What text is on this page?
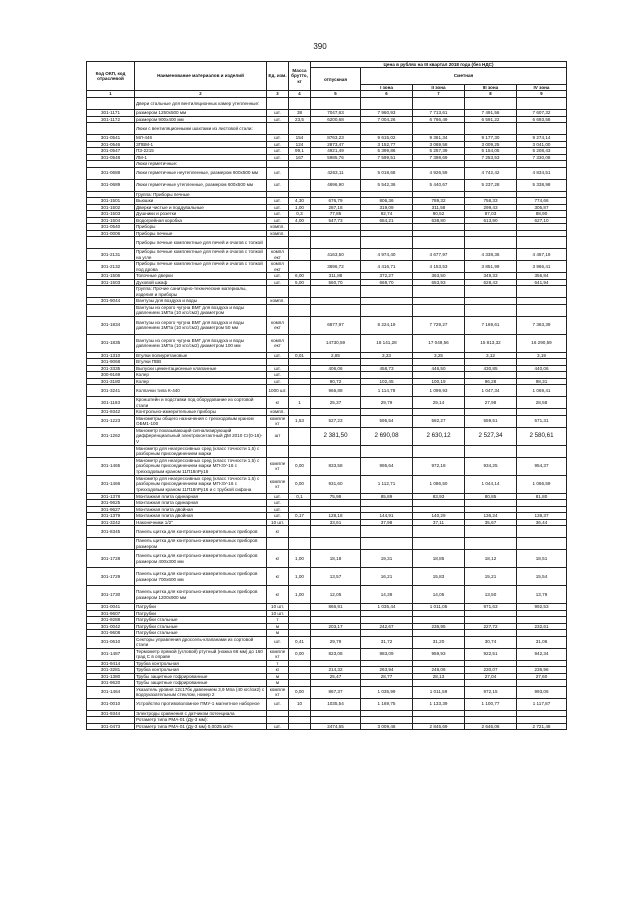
390
Код ОКП, код отраслевой	Наименование материалов и изделий	Ед. изм.	Масса брутто, кг	Цена в рублях на III квартал 2018 года (без НДС)				
				отпускная	Сметная			
					I зона	II зона	III зона	IV зона
1	2	3	4	5	6	7	8	9
	Двери стальные для вентиляционных камер утепленные:							
301-1171	размером 1250х500 мм	шт.	38	7047,63	7 960,93	7 713,61	7 491,56	7 607,32
301-1172	размером 900х400 мм	шт.	23,5	6200,68	7 004,26	6 786,49	6 591,22	6 693,58
	Люки с вентиляционными шахтами из листовой стали:							
301-0541	МЛ-446	шт.	154	8763,23	9 615,02	9 361,34	9 177,30	9 274,14
301-0546	ЗПВМ-1	шт.	124	2873,47	3 152,77	3 069,58	3 009,25	3 041,00
301-0547	ПЗ-2215	шт.	99,1	4921,49	5 399,86	5 257,39	5 154,05	5 208,43
301-0548	ЛМ-1	шт.	167	5985,76	7 599,51	7 398,69	7 253,53	7 330,08
	Люки герметичные:							
301-0688	Люки герметичные неутепленные, размером 600х500 мм	шт.		4263,11	5 018,68	4 926,59	4 742,42	4 834,51
301-0689	Люки герметичные утепленные, размером 600х500 мм	шт.		4696,90	5 542,36	5 440,67	5 237,28	5 338,98
	Группа: Приборы печные							
301-1501	Вьюшки	шт.	4,30	676,79	806,36	789,32	758,33	774,66
301-1502	Дверки чистые и поддувальные	шт.	1,00	287,18	319,09	311,58	299,43	305,87
301-1503	Душники и розетки	шт.	0,3	77,85	92,74	90,52	87,03	88,90
301-1504	Водогрейная коробка	шт.	4,00	547,73	654,21	638,80	613,90	627,10
301-0540	Приборы	компл.						
301-0006	Приборы печные	компл.						
	Приборы печные комплектные для печей и очагов с топкой							
301-2131	Приборы печные комплектные для печей и очагов с топкой на угле	компл ект		4163,50	4 974,40	4 677,97	4 338,36	4 467,19
301-2132	Приборы печные комплектные для печей и очагов с топкой под дрова	компл ект		3696,72	4 416,71	4 153,53	3 851,99	3 966,41
301-1506	Топочные дверки	шт.	6,00	311,88	372,27	363,50	349,33	356,84
301-1503	Духовой шкаф	шт.	5,00	560,70	669,70	653,93	628,43	641,94
	Группа: Прочие санитарно-технические материалы, изделия и приборы							
301-9044	Вантузы для воздуха и воды	компл.						
	Вантузы из серого чугуна ВМГ для воздуха и воды давлением 1МПа (10 кгс/см2) диаметром							
301-1834	Вантузы из серого чугуна ВМГ для воздуха и воды давлением 1МПа (10 кгс/см2) диаметром 50 мм	компл ект		6877,97	8 224,19	7 729,27	7 169,61	7 363,39
301-1835	Вантузы из серого чугуна ВМГ для воздуха и воды давлением 1МПа (10 кгс/см2) диаметром 100 мм	компл ект		14730,59	18 141,28	17 049,56	15 813,32	16 290,59
301-1310	Втулки полиуретановые	шт.	0,01	2,85	3,33	3,25	3,12	3,19
301-9068	Втулки ПВВ							
301-3335	Выпуски цементационные клапанные	шт.		406,06	458,73	446,50	430,85	440,06
300-9169	Колер	шт.						
301-3180	Колер	шт.		90,72	102,45	100,19	96,28	98,31
301-3241	Колпачки типа К-440	1000 шт.		966,88	1 114,78	1 099,93	1 047,34	1 069,41
301-1193	Кронштейн и подставки под оборудование из сортовой стали	кг	1	25,37	29,79	29,14	27,98	28,58
301-9342	Контрольно-измерительные приборы	компл.						
301-1223	Манометры общего назначения с трехходовым краном ОБМ1-100	компле кт	1,53	527,23	595,54	582,27	559,51	571,31
301-1262	Манометр показывающий сигнализирующий дифференциальный электроконтактный ДМ 2010 Сг(0-16)-V	шт		2 381,50	2 690,08	2 630,12	2 527,34	2 580,61
	Манометр для неагрессивных сред (класс точности 1,5) с разборным присоединением марки							
301-1465	Манометр для неагрессивных сред (класс точности 1,5) с разборным присоединением марки МП-3У-16 с трехходовым краном 11П18пРу16	компле кт	0,00	833,58	995,64	972,18	934,25	954,37
301-1466	Манометр для неагрессивных сред (класс точности 1,5) с разборным присоединением марки МП-3У-16 с трехходовым краном 11П18пРу16 и с трубкой сифона	компле кт	0,00	931,60	1 112,71	1 086,50	1 044,14	1 066,59
301-1378	Монтажная плита одинарная	шт.	0,1	75,98	85,89	83,93	80,85	81,80
301-9625	Монтажная плита одинарная	шт.						
301-9627	Монтажная плита двойная	шт.						
301-1379	Монтажная плита двойная	шт.	0,17	128,18	144,91	140,29	136,24	138,37
301-3242	Наконечники 1/2"	10 шт.		33,61	37,98	37,11	35,67	36,44
301-8345	Панель щитка для контрольно-измерительных приборов	кг						
	Панель щитка для контрольно-измерительных приборов размером							
301-1728	Панель щитка для контрольно-измерительных приборов размером 400х300 мм	кг	1,00	18,18	19,31	18,85	18,12	18,51
301-1729	Панель щитка для контрольно-измерительных приборов размером 700х600 мм	кг	1,00	13,57	16,21	15,83	15,21	15,54
301-1730	Панель щитка для контрольно-измерительных приборов размером 1200х900 мм	кг	1,00	12,05	14,39	14,05	13,50	13,79
301-0041	Патрубки	10 шт.		866,91	1 035,44	1 011,05	971,63	992,53
301-9607	Патрубки	10 шт.						
301-9288	Патрубки стальные	т						
301-0042	Патрубки стальные	м		203,17	242,67	236,95	227,72	232,61
301-9608	Патрубки стальные	м						
301-0610	Секторы управления дроссель-клапанами из сортовой стали	шт.	0,41	29,79	31,72	31,20	30,74	31,06
301-1487	Термометр прямой (угловой) ртутный (ножка 66 мм) до 160 град С в оправе	компле кт	0,00	823,08	983,09	959,93	922,51	942,34
301-9414	Трубка контрольная	т						
301-3281	Трубка контрольная	кг		214,32	263,94	248,06	230,07	236,96
301-1380	Трубы защитные гофрированные	м		25,47	28,77	28,13	27,04	27,60
301-9620	Трубы защитные гофрированные	м						
301-1464	Указатель уровня 12с17бк давлением 3,9 Мпа (40 кгс/см2) с водоуказательным стеклом, номер 2	компле кт	0,00	867,37	1 035,99	1 011,59	972,15	993,06
301-0010	Устройство противовзломное ПМУ-1 магнитное наборное	шт.	10	1035,54	1 169,75	1 133,39	1 100,77	1 117,87
301-9344	Электроды сравнения с датчиком потенциала							
	Ротаметр типа РМА-01 (Ду-3 мм):							
301-0473	Ротаметр типа РМА-01 (Ду-3 мм) 0,0025 м3/ч	шт.		2474,65	3 009,46	2 845,69	2 646,06	2 721,48
